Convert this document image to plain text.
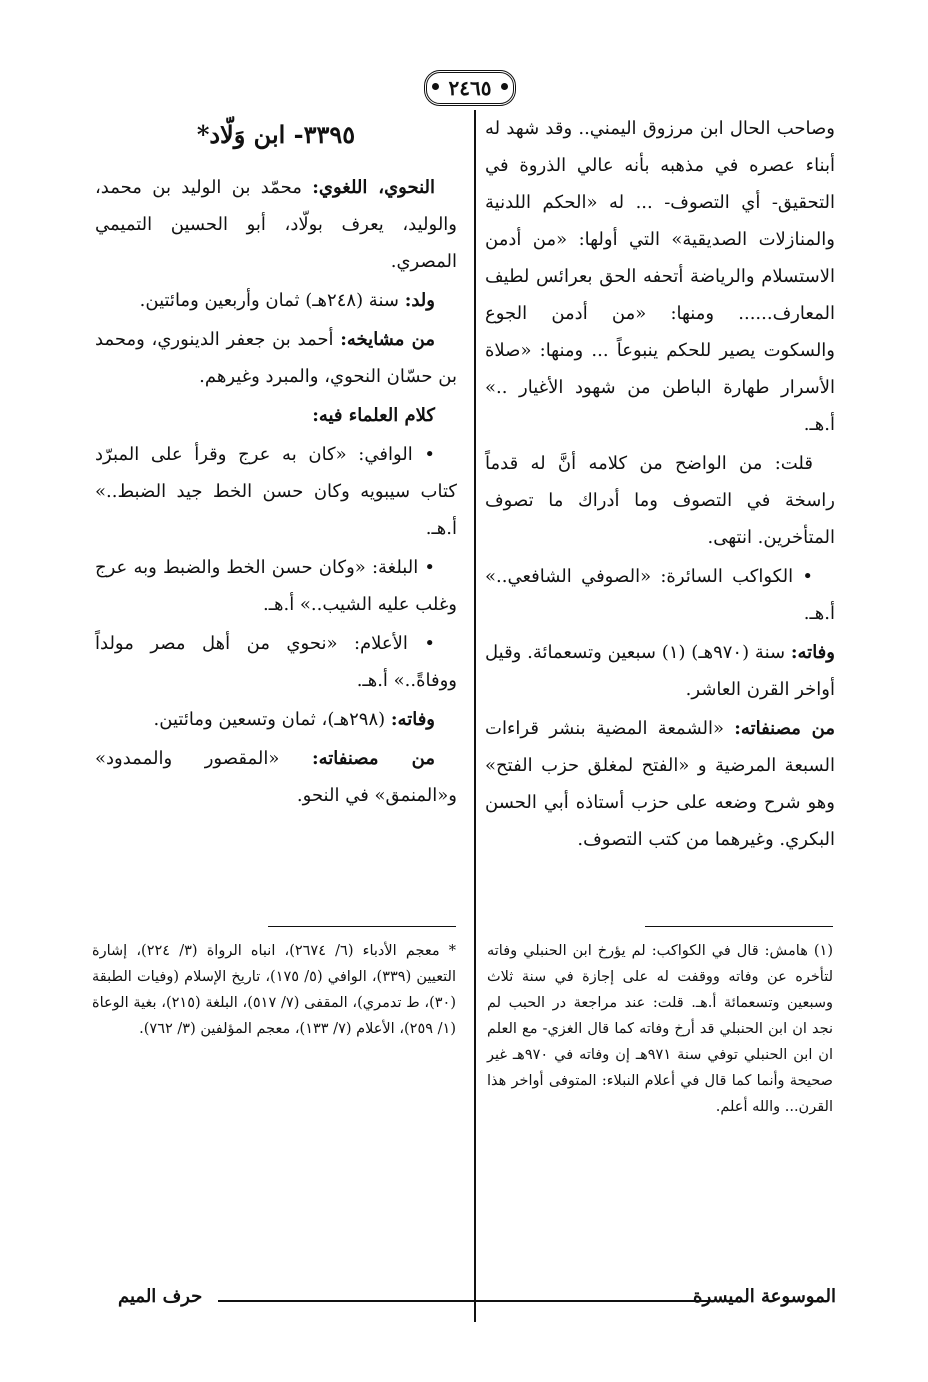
٢٤٦٥

وصاحب الحال ابن مرزوق اليمني.. وقد شهد له أبناء عصره في مذهبه بأنه عالي الذروة في التحقيق- أي التصوف- ... له «الحكم اللدنية والمنازلات الصديقية» التي أولها: «من أدمن الاستسلام والرياضة أتحفه الحق بعرائس لطيف المعارف...... ومنها: «من أدمن الجوع والسكوت يصير للحكم ينبوعاً ... ومنها: «صلاة الأسرار طهارة الباطن من شهود الأغيار ..» أ.هـ.

قلت: من الواضح من كلامه أنَّ له قدماً راسخة في التصوف وما أدراك ما تصوف المتأخرين. انتهى.

• الكواكب السائرة: «الصوفي الشافعي..» أ.هـ.

وفاته: سنة (٩٧٠هـ) (١) سبعين وتسعمائة. وقيل أواخر القرن العاشر.

من مصنفاته: «الشمعة المضية بنشر قراءات السبعة المرضية و «الفتح لمغلق حزب الفتح» وهو شرح وضعه على حزب أستاذه أبي الحسن البكري. وغيرهما من كتب التصوف.

٣٣٩٥- ابن وَلّاد*

النحوي، اللغوي: محمّد بن الوليد بن محمد، والوليد، يعرف بولّاد، أبو الحسين التميمي المصري.

ولد: سنة (٢٤٨هـ) ثمان وأربعين ومائتين.

من مشايخه: أحمد بن جعفر الدينوري، ومحمد بن حسّان النحوي، والمبرد وغيرهم.

كلام العلماء فيه:

• الوافي: «كان به عرج وقرأ على المبرّد كتاب سيبويه وكان حسن الخط جيد الضبط..» أ.هـ.

• البلغة: «وكان حسن الخط والضبط وبه عرج وغلب عليه الشيب..» أ.هـ.

• الأعلام: «نحوي من أهل مصر مولداً ووفاةً..» أ.هـ.

وفاته: (٢٩٨هـ)، ثمان وتسعين ومائتين.

من مصنفاته: «المقصور والممدود» و«المنمق» في النحو.

(١) هامش: قال في الكواكب: لم يؤرخ ابن الحنبلي وفاته لتأخره عن وفاته ووقفت له على إجازة في سنة ثلاث وسبعين وتسعمائة أ.هـ. قلت: عند مراجعة در الحبب لم نجد ان ابن الحنبلي قد أرخ وفاته كما قال الغزي- مع العلم ان ابن الحنبلي توفي سنة ٩٧١هـ إن وفاته في ٩٧٠هـ غير صحيحة وأنما كما قال في أعلام النبلاء: المتوفى أواخر هذا القرن... والله أعلم.
* معجم الأدباء (٦/ ٢٦٧٤)، انباه الرواة (٣/ ٢٢٤)، إشارة التعيين (٣٣٩)، الوافي (٥/ ١٧٥)، تاريخ الإسلام (وفيات الطبقة (٣٠)، ط تدمري)، المقفى (٧/ ٥١٧)، البلغة (٢١٥)، بغية الوعاة (١/ ٢٥٩)، الأعلام (٧/ ١٣٣)، معجم المؤلفين (٣/ ٧٦٢).
الموسوعة الميسرة
حرف الميم
